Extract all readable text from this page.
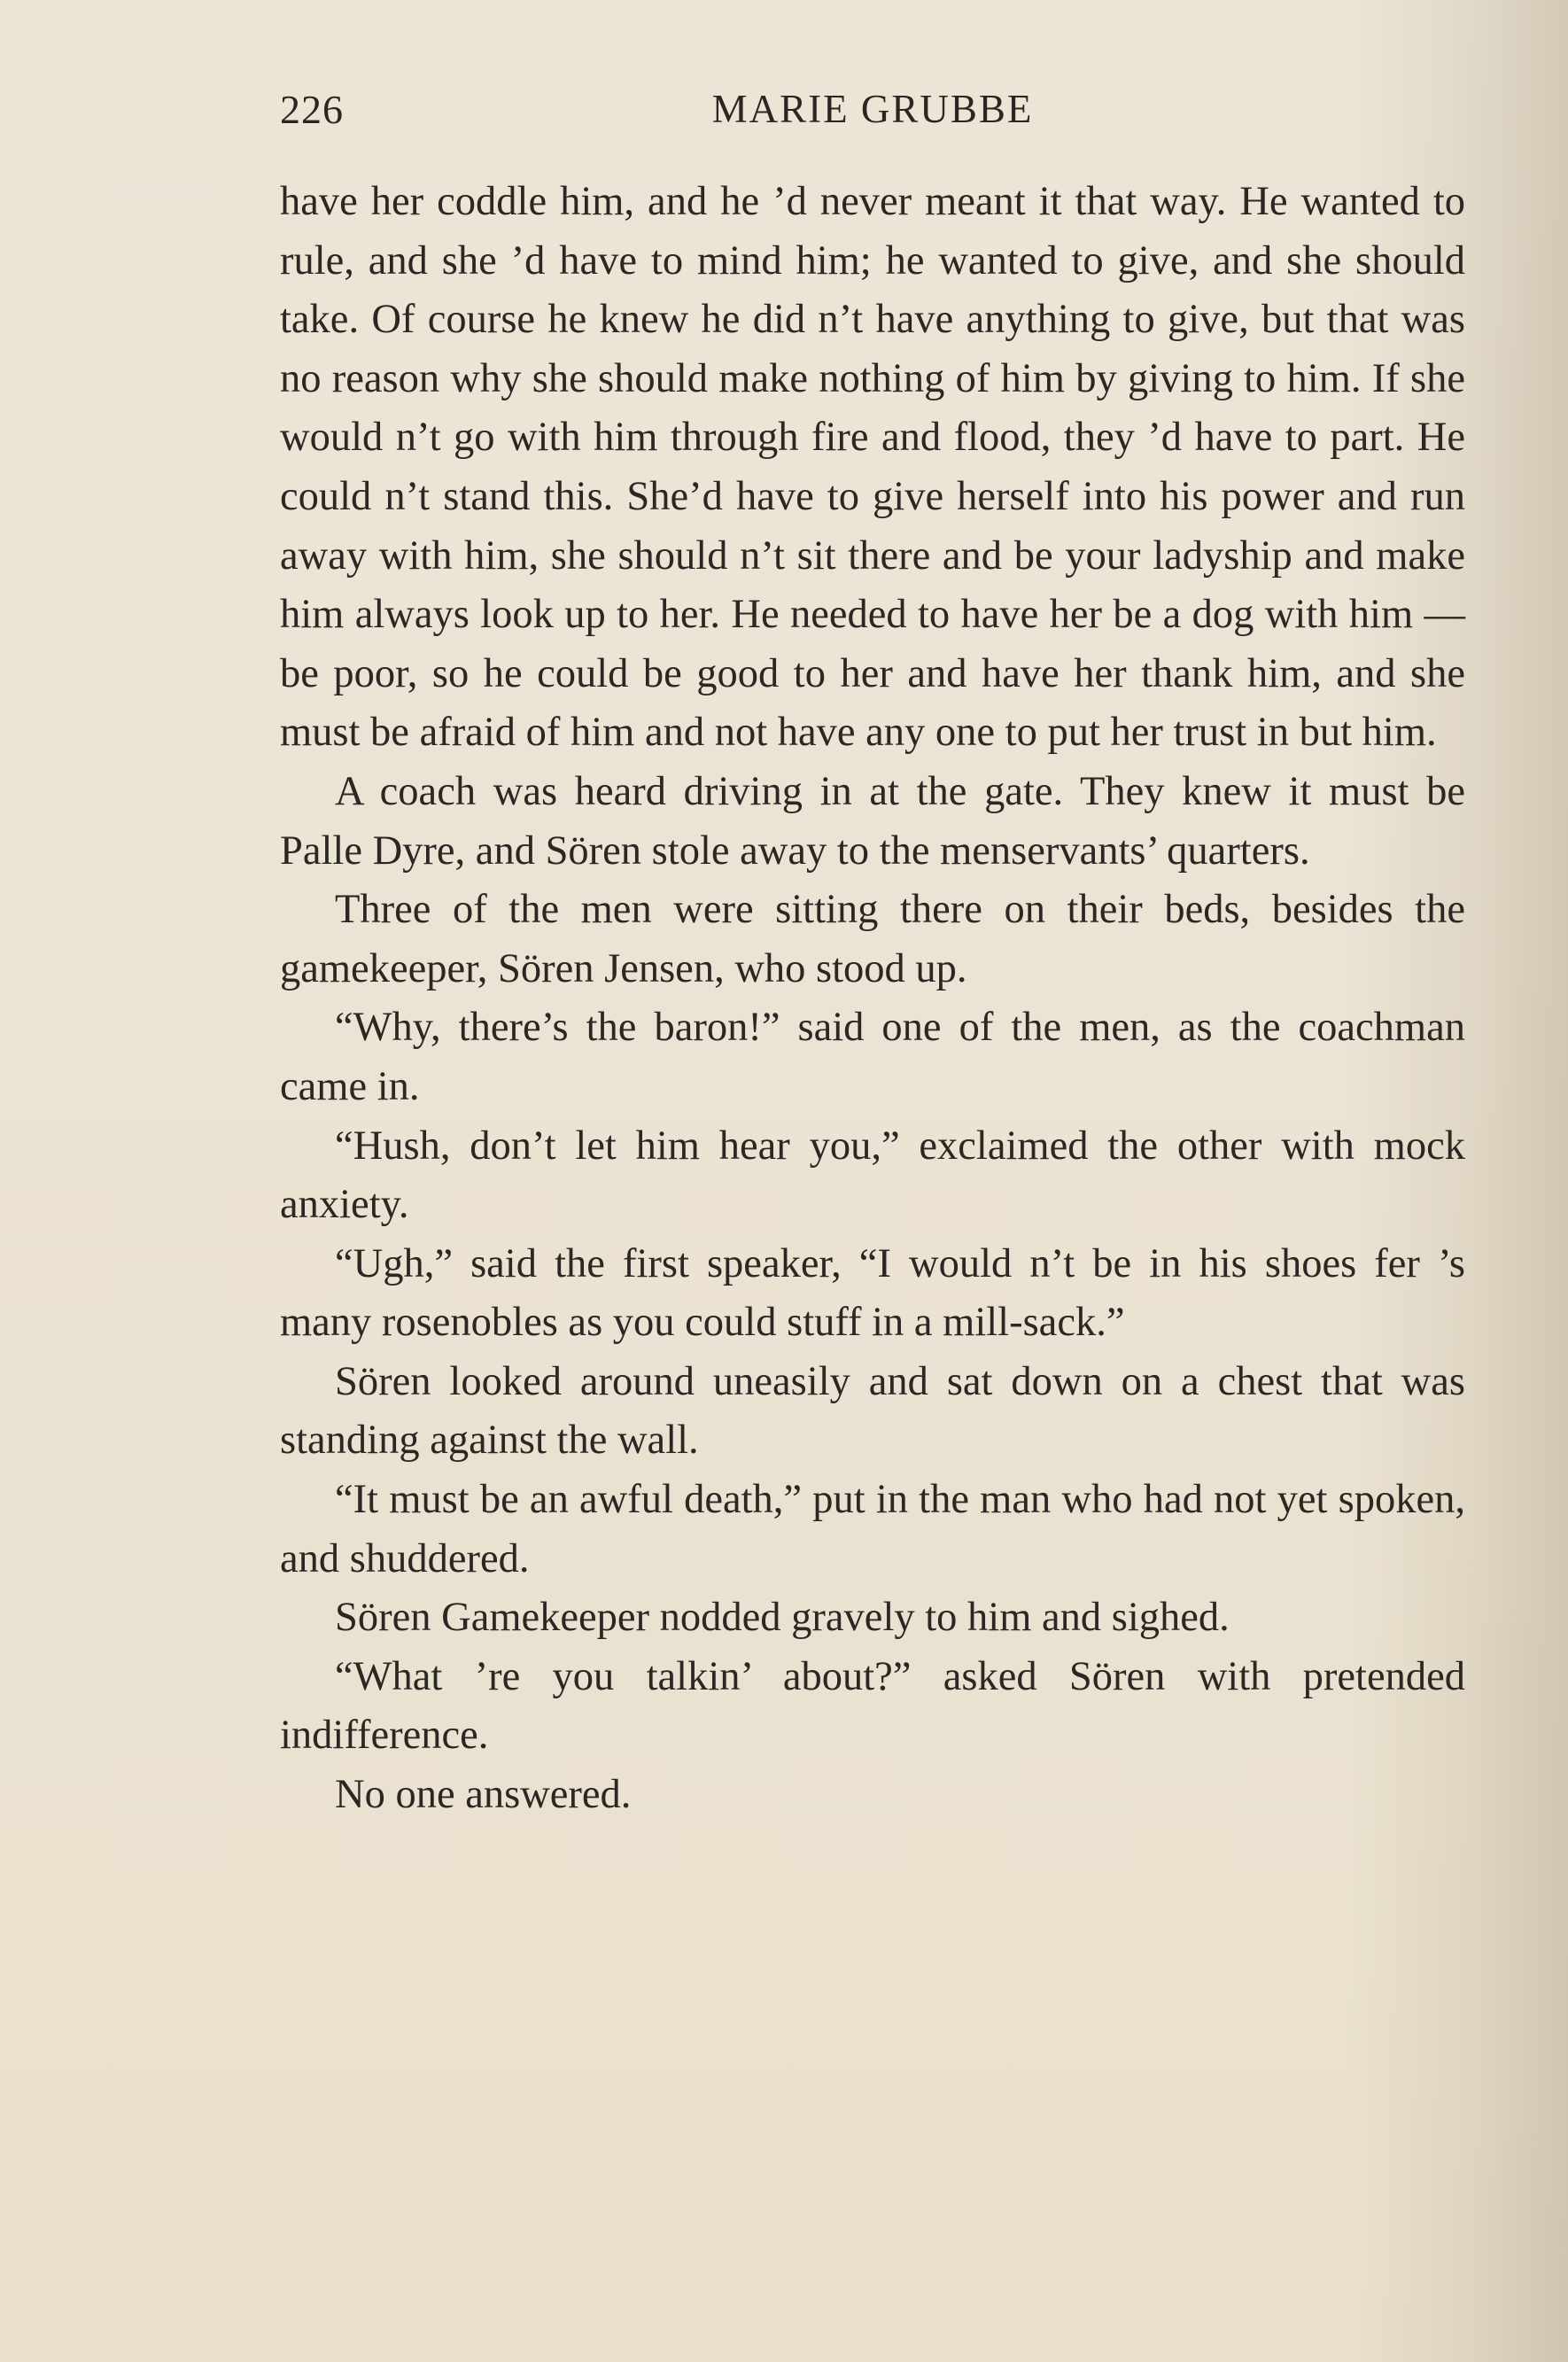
226	MARIE GRUBBE

have her coddle him, and he ’d never meant it that way. He wanted to rule, and she ’d have to mind him; he wanted to give, and she should take. Of course he knew he did n’t have anything to give, but that was no reason why she should make nothing of him by giving to him. If she would n’t go with him through fire and flood, they ’d have to part. He could n’t stand this. She’d have to give herself into his power and run away with him, she should n’t sit there and be your ladyship and make him always look up to her. He needed to have her be a dog with him — be poor, so he could be good to her and have her thank him, and she must be afraid of him and not have any one to put her trust in but him.

A coach was heard driving in at the gate. They knew it must be Palle Dyre, and Sören stole away to the menservants’ quarters.

Three of the men were sitting there on their beds, besides the gamekeeper, Sören Jensen, who stood up.

“Why, there’s the baron!” said one of the men, as the coachman came in.

“Hush, don’t let him hear you,” exclaimed the other with mock anxiety.

“Ugh,” said the first speaker, “I would n’t be in his shoes fer ’s many rosenobles as you could stuff in a mill-sack.”

Sören looked around uneasily and sat down on a chest that was standing against the wall.

“It must be an awful death,” put in the man who had not yet spoken, and shuddered.

Sören Gamekeeper nodded gravely to him and sighed.

“What ’re you talkin’ about?” asked Sören with pretended indifference.

No one answered.
